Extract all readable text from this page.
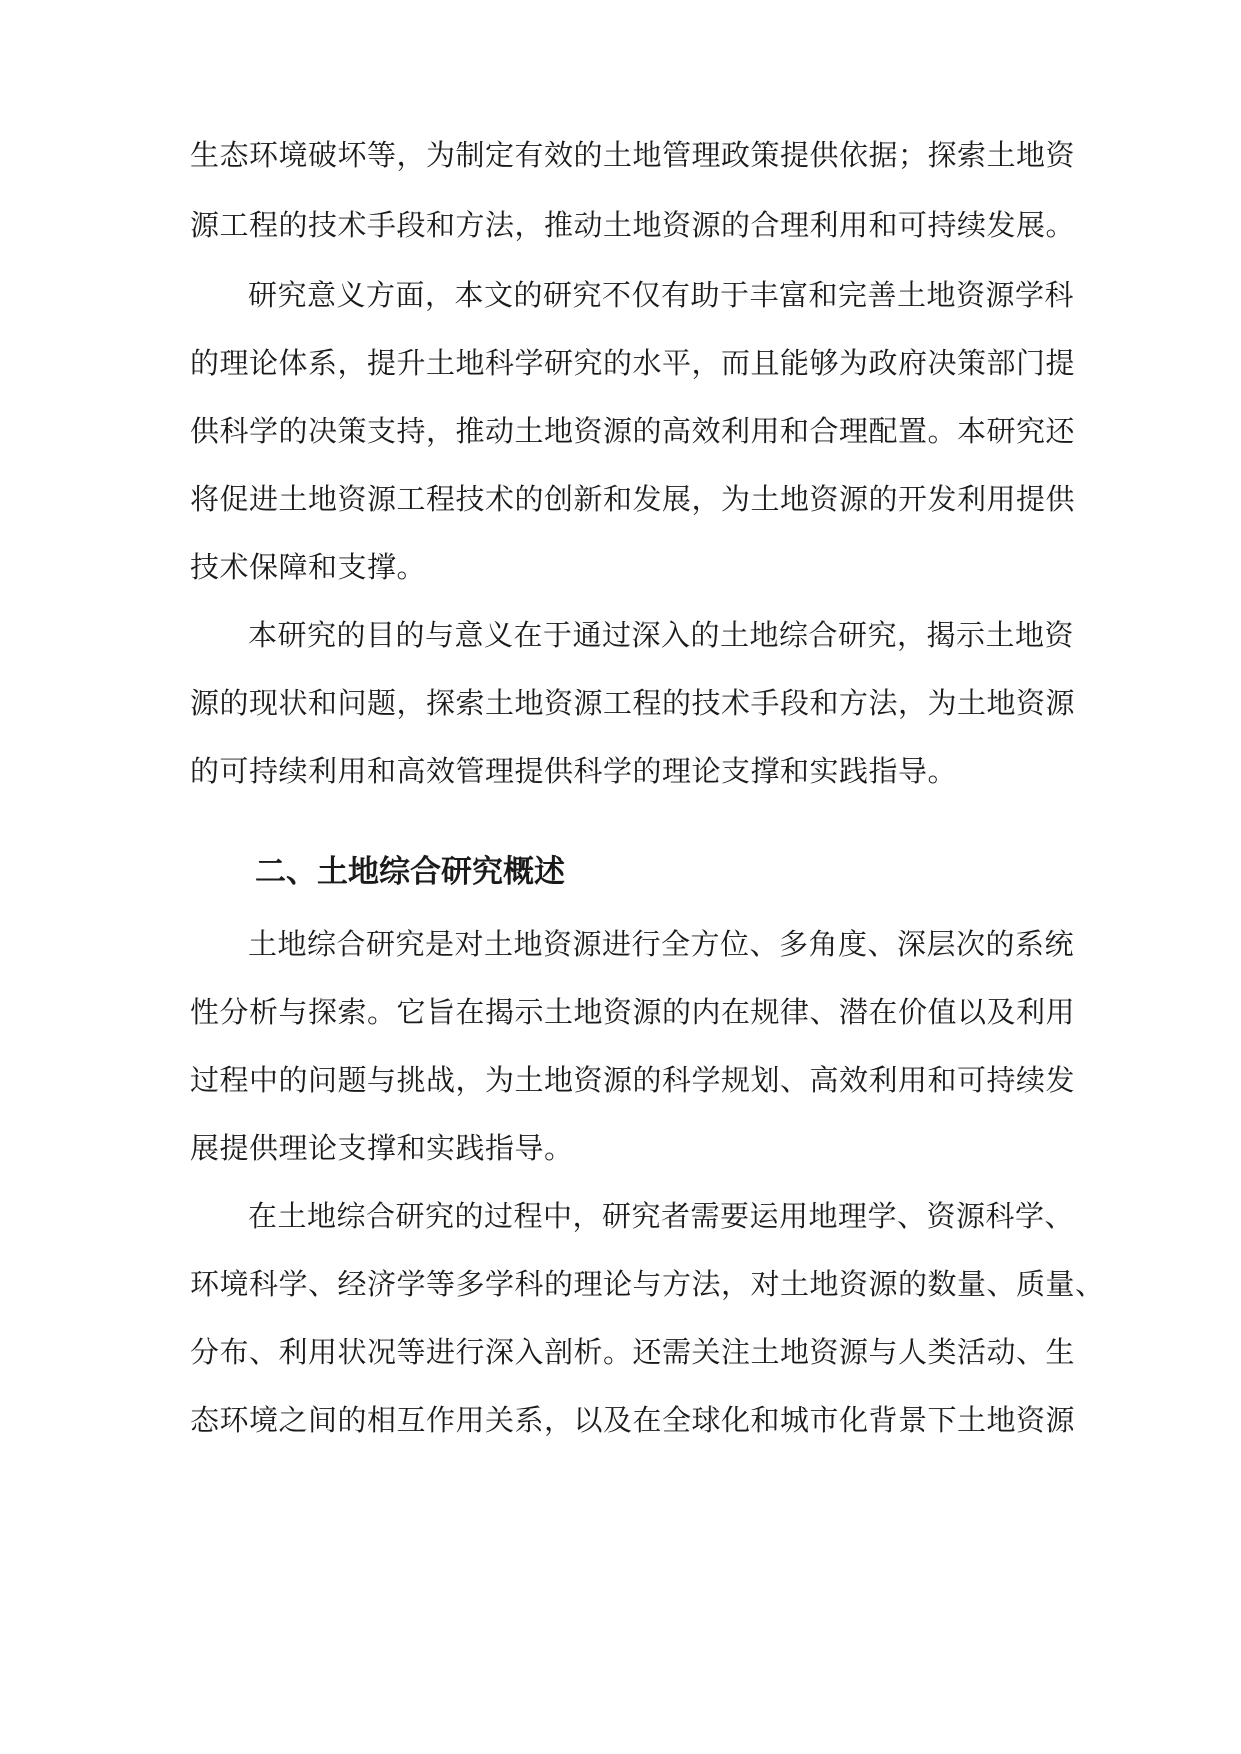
生态环境破坏等，为制定有效的土地管理政策提供依据；探索土地资
源工程的技术手段和方法，推动土地资源的合理利用和可持续发展。
研究意义方面，本文的研究不仅有助于丰富和完善土地资源学科
的理论体系，提升土地科学研究的水平，而且能够为政府决策部门提
供科学的决策支持，推动土地资源的高效利用和合理配置。本研究还
将促进土地资源工程技术的创新和发展，为土地资源的开发利用提供
技术保障和支撑。
本研究的目的与意义在于通过深入的土地综合研究，揭示土地资
源的现状和问题，探索土地资源工程的技术手段和方法，为土地资源
的可持续利用和高效管理提供科学的理论支撑和实践指导。
二、土地综合研究概述
土地综合研究是对土地资源进行全方位、多角度、深层次的系统
性分析与探索。它旨在揭示土地资源的内在规律、潜在价值以及利用
过程中的问题与挑战，为土地资源的科学规划、高效利用和可持续发
展提供理论支撑和实践指导。
在土地综合研究的过程中，研究者需要运用地理学、资源科学、
环境科学、经济学等多学科的理论与方法，对土地资源的数量、质量、
分布、利用状况等进行深入剖析。还需关注土地资源与人类活动、生
态环境之间的相互作用关系，以及在全球化和城市化背景下土地资源
